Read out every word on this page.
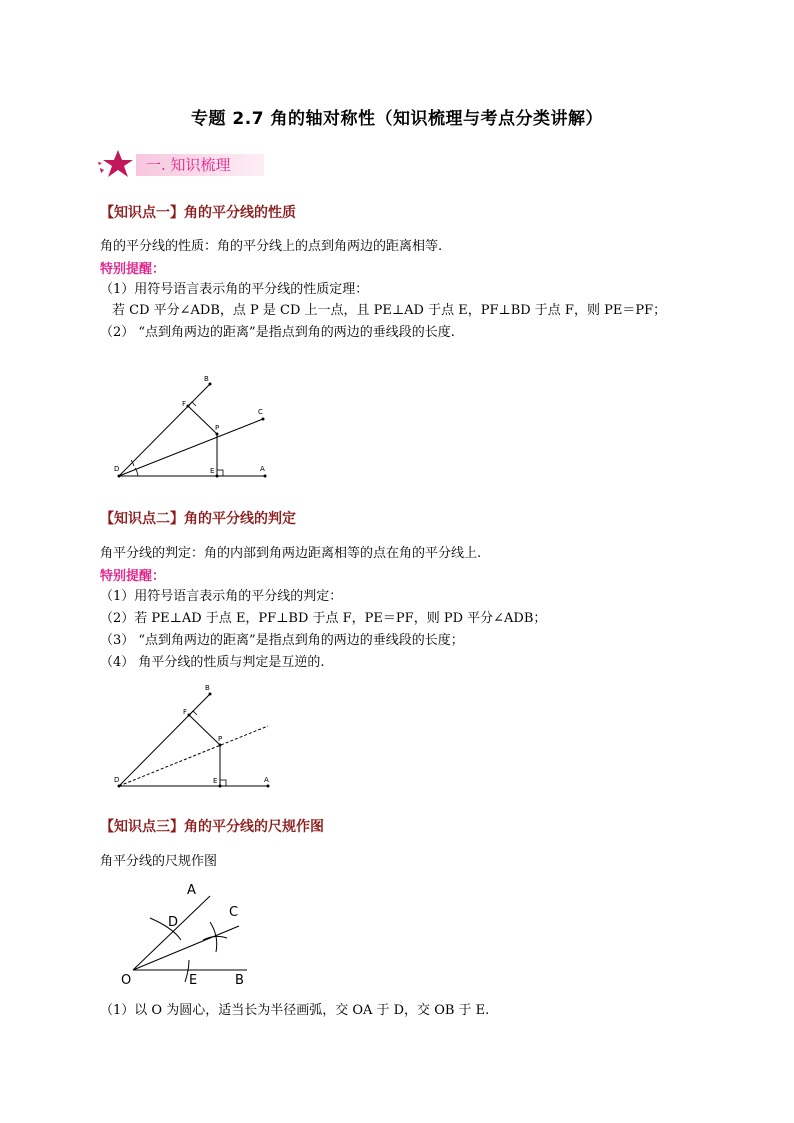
专题 2.7 角的轴对称性（知识梳理与考点分类讲解）
一. 知识梳理
【知识点一】角的平分线的性质
角的平分线的性质：角的平分线上的点到角两边的距离相等.
特别提醒：
（1）用符号语言表示角的平分线的性质定理：
若 CD 平分∠ADB，点 P 是 CD 上一点，且 PE⊥AD 于点 E，PF⊥BD 于点 F，则 PE＝PF；
（2） “点到角两边的距离”是指点到角的两边的垂线段的长度.
B
F
C
P
D	E	A
【知识点二】角的平分线的判定
角平分线的判定：角的内部到角两边距离相等的点在角的平分线上.
特别提醒：
（1）用符号语言表示角的平分线的判定：
（2）若 PE⊥AD 于点 E，PF⊥BD 于点 F，PE＝PF，则 PD 平分∠ADB；
（3） “点到角两边的距离”是指点到角的两边的垂线段的长度；
（4） 角平分线的性质与判定是互逆的.
B
F
P
D	E	A
【知识点三】角的平分线的尺规作图
角平分线的尺规作图
A
D
C
O	E	B
（1）以 O 为圆心，适当长为半径画弧，交 OA 于 D，交 OB 于 E.
